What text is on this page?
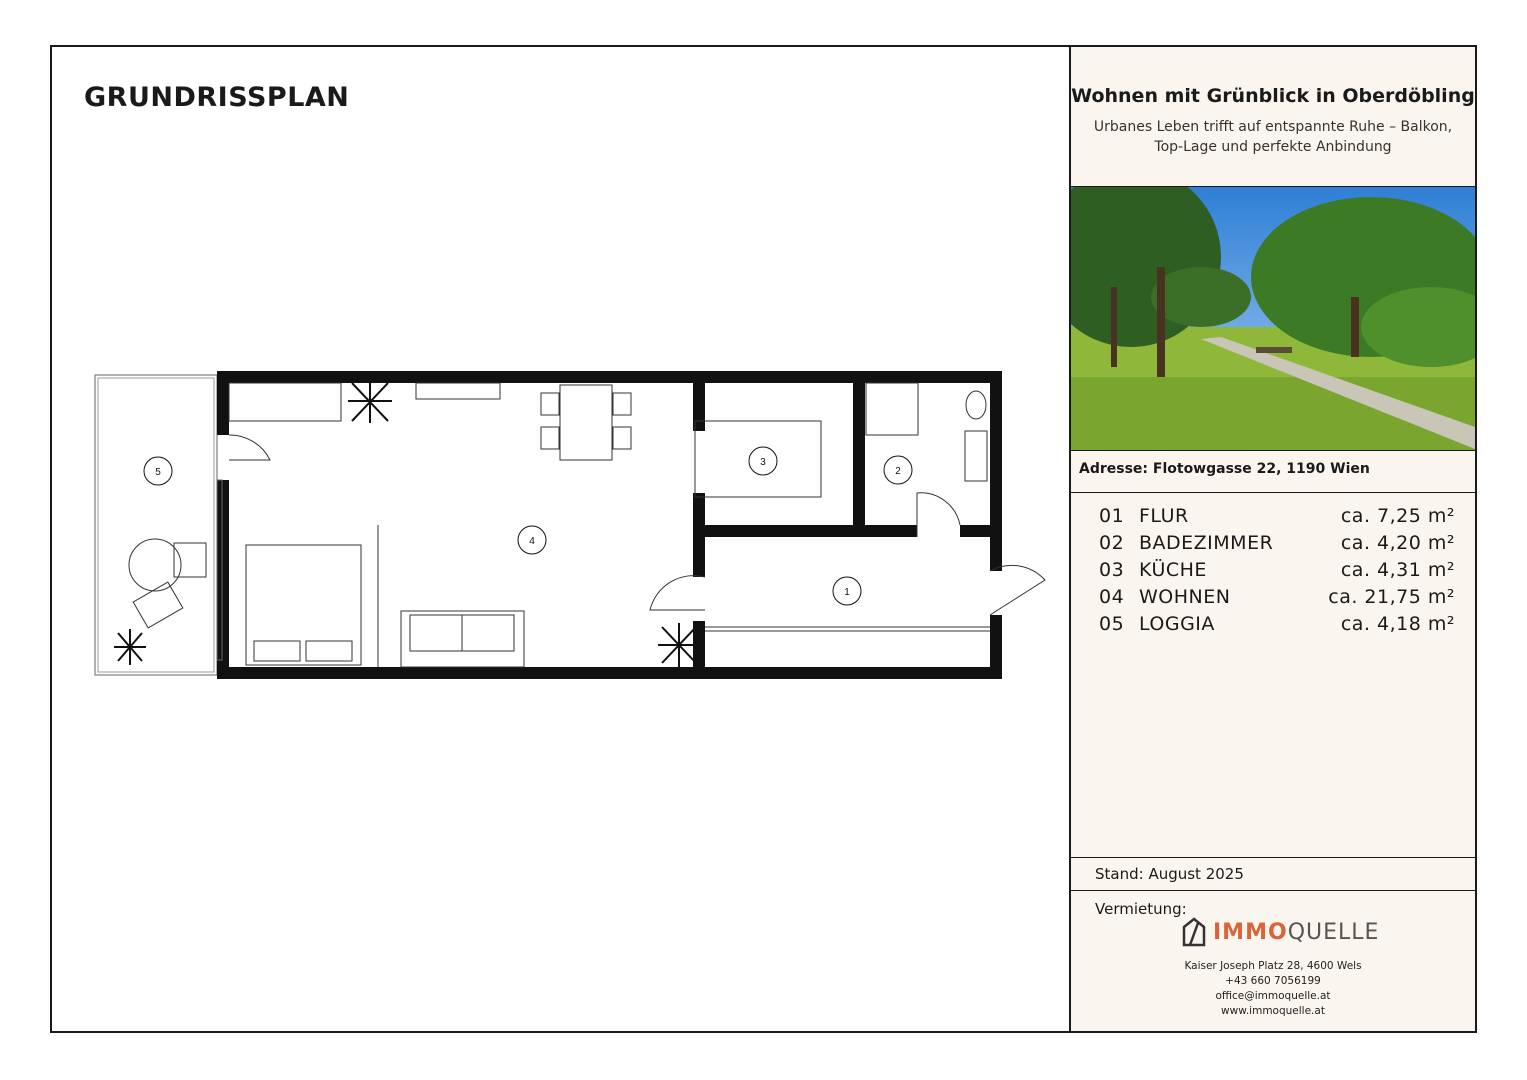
GRUNDRISSPLAN
1
2
3
4
5
Wohnen mit Grünblick in Oberdöbling
Urbanes Leben trifft auf entspannte Ruhe – Balkon,
Top-Lage und perfekte Anbindung
Adresse: Flotowgasse 22, 1190 Wien
01 FLUR	ca. 7,25 m²
02 BADEZIMMER	ca. 4,20 m²
03 KÜCHE	ca. 4,31 m²
04 WOHNEN	ca. 21,75 m²
05 LOGGIA	ca. 4,18 m²
Stand: August 2025
Vermietung:
IMMOQUELLE
Kaiser Joseph Platz 28, 4600 Wels
+43 660 7056199
office@immoquelle.at
www.immoquelle.at
